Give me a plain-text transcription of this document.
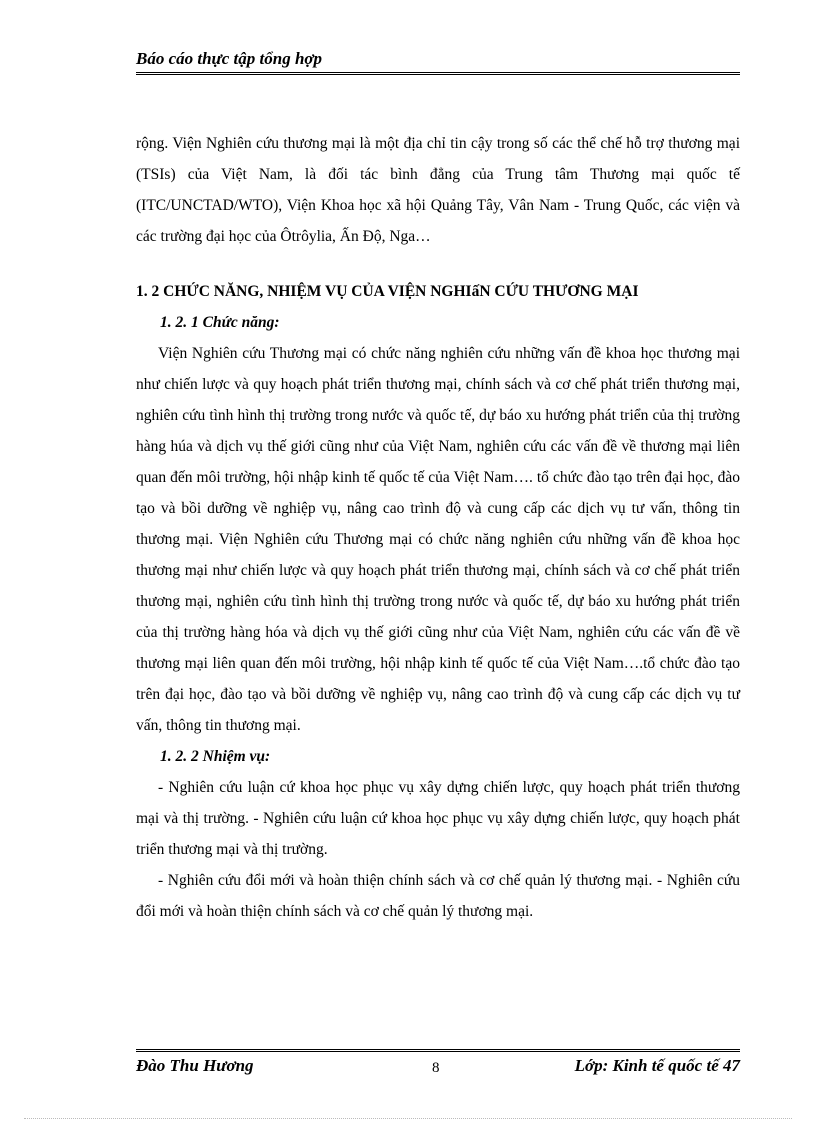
Báo cáo thực tập tổng hợp

rộng. Viện Nghiên cứu thương mại là một địa chỉ tin cậy trong số các thể chế hỗ trợ thương mại (TSIs) của Việt Nam, là đối tác bình đẳng của Trung tâm Thương mại quốc tế (ITC/UNCTAD/WTO), Viện Khoa học xã hội Quảng Tây, Vân Nam - Trung Quốc, các viện và các trường đại học của Ôtrôylia, Ấn Độ, Nga…

1. 2 CHỨC NĂNG, NHIỆM VỤ CỦA VIỆN NGHIấN CỨU THƯƠNG MẠI

1. 2. 1 Chức năng:

Viện Nghiên cứu Thương mại có chức năng nghiên cứu những vấn đề khoa học thương mại như chiến lược và quy hoạch phát triển thương mại, chính sách và cơ chế phát triển thương mại, nghiên cứu tình hình thị trường trong nước và quốc tế, dự báo xu hướng phát triển của thị trường hàng húa và dịch vụ thế giới cũng như của Việt Nam, nghiên cứu các vấn đề về thương mại liên quan đến môi trường, hội nhập kinh tế quốc tế của Việt Nam…. tổ chức đào tạo trên đại học, đào tạo và bồi dưỡng về nghiệp vụ, nâng cao trình độ và cung cấp các dịch vụ tư vấn, thông tin thương mại. Viện Nghiên cứu Thương mại có chức năng nghiên cứu những vấn đề khoa học thương mại như chiến lược và quy hoạch phát triển thương mại, chính sách và cơ chế phát triển thương mại, nghiên cứu tình hình thị trường trong nước và quốc tế, dự báo xu hướng phát triển của thị trường hàng hóa và dịch vụ thế giới cũng như của Việt Nam, nghiên cứu các vấn đề về thương mại liên quan đến môi trường, hội nhập kinh tế quốc tế của Việt Nam….tổ chức đào tạo trên đại học, đào tạo và bồi dưỡng về nghiệp vụ, nâng cao trình độ và cung cấp các dịch vụ tư vấn, thông tin thương mại.

1. 2. 2 Nhiệm vụ:

- Nghiên cứu luận cứ khoa học phục vụ xây dựng chiến lược, quy hoạch phát triển thương mại và thị trường. - Nghiên cứu luận cứ khoa học phục vụ xây dựng chiến lược, quy hoạch phát triển thương mại và thị trường.

- Nghiên cứu đổi mới và hoàn thiện chính sách và cơ chế quản lý thương mại. - Nghiên cứu đổi mới và hoàn thiện chính sách và cơ chế quản lý thương mại.

Đào Thu Hương	8	Lớp: Kinh tế quốc tế 47
